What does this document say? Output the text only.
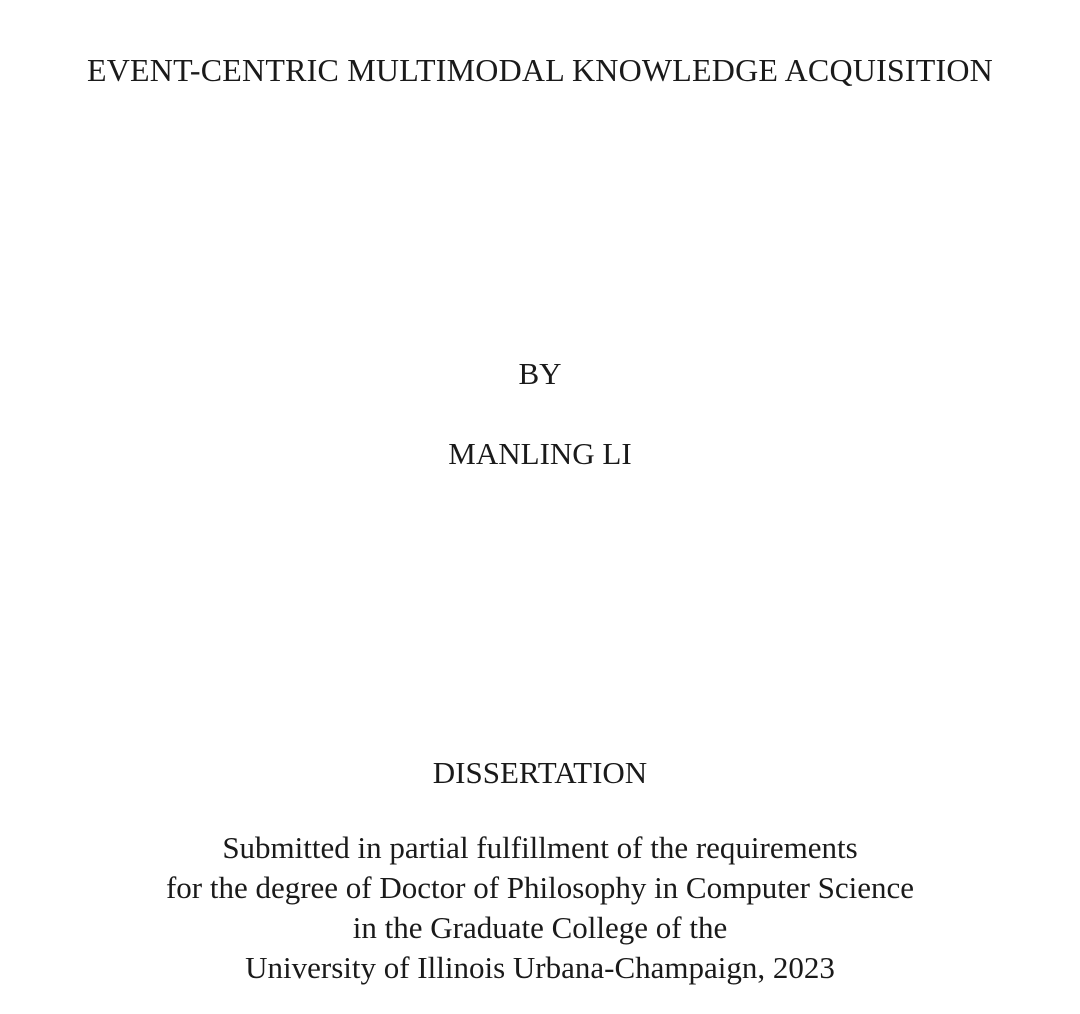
EVENT-CENTRIC MULTIMODAL KNOWLEDGE ACQUISITION
BY
MANLING LI
DISSERTATION
Submitted in partial fulfillment of the requirements
for the degree of Doctor of Philosophy in Computer Science
in the Graduate College of the
University of Illinois Urbana-Champaign, 2023
